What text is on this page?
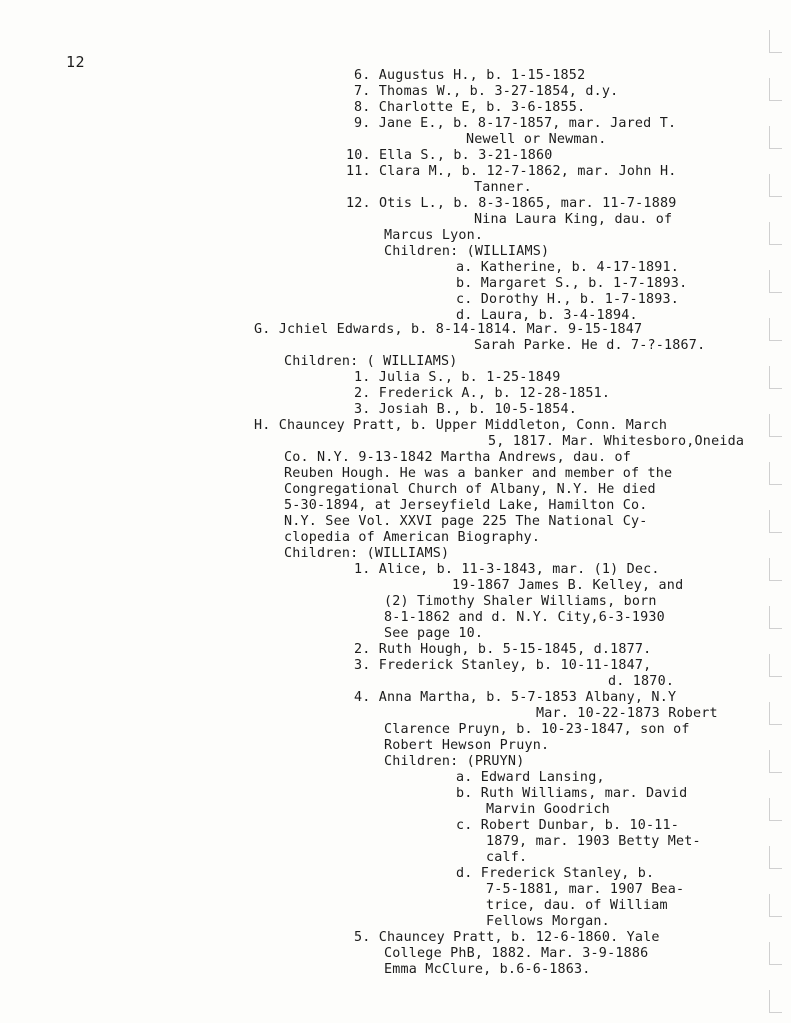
12
6. Augustus H., b. 1-15-1852
7. Thomas W., b. 3-27-1854, d.y.
8. Charlotte E, b. 3-6-1855.
9. Jane E., b. 8-17-1857, mar. Jared T.
Newell or Newman.
10. Ella S., b. 3-21-1860
11. Clara M., b. 12-7-1862, mar. John H.
Tanner.
12. Otis L., b. 8-3-1865, mar. 11-7-1889
Nina Laura King, dau. of
Marcus Lyon.
Children: (WILLIAMS)
a. Katherine, b. 4-17-1891.
b. Margaret S., b. 1-7-1893.
c. Dorothy H., b. 1-7-1893.
d. Laura, b. 3-4-1894.
G. Jchiel Edwards, b. 8-14-1814. Mar. 9-15-1847
Sarah Parke. He d. 7-?-1867.
Children: ( WILLIAMS)
1. Julia S., b. 1-25-1849
2. Frederick A., b. 12-28-1851.
3. Josiah B., b. 10-5-1854.
H. Chauncey Pratt, b. Upper Middleton, Conn. March
5, 1817. Mar. Whitesboro,Oneida
Co. N.Y. 9-13-1842 Martha Andrews, dau. of
Reuben Hough. He was a banker and member of the
Congregational Church of Albany, N.Y. He died
5-30-1894, at Jerseyfield Lake, Hamilton Co.
N.Y. See Vol. XXVI page 225 The National Cy-
clopedia of American Biography.
Children: (WILLIAMS)
1. Alice, b. 11-3-1843, mar. (1) Dec.
19-1867 James B. Kelley, and
(2) Timothy Shaler Williams, born
8-1-1862 and d. N.Y. City,6-3-1930
See page 10.
2. Ruth Hough, b. 5-15-1845, d.1877.
3. Frederick Stanley, b. 10-11-1847,
d. 1870.
4. Anna Martha, b. 5-7-1853 Albany, N.Y
Mar. 10-22-1873 Robert
Clarence Pruyn, b. 10-23-1847, son of
Robert Hewson Pruyn.
Children: (PRUYN)
a. Edward Lansing,
b. Ruth Williams, mar. David
Marvin Goodrich
c. Robert Dunbar, b. 10-11-
1879, mar. 1903 Betty Met-
calf.
d. Frederick Stanley, b.
7-5-1881, mar. 1907 Bea-
trice, dau. of William
Fellows Morgan.
5. Chauncey Pratt, b. 12-6-1860. Yale
College PhB, 1882. Mar. 3-9-1886
Emma McClure, b.6-6-1863.
